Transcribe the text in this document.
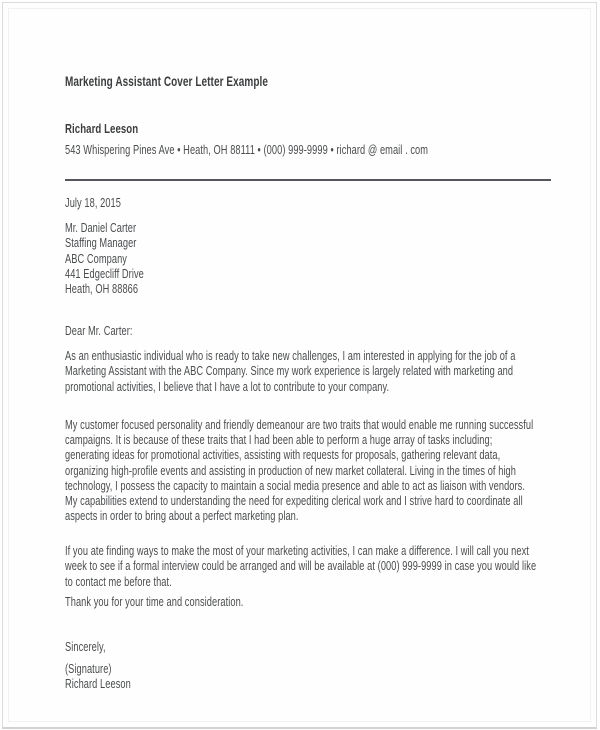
Marketing Assistant Cover Letter Example
Richard Leeson
543 Whispering Pines Ave • Heath, OH 88111 • (000) 999-9999 • richard @ email . com
July 18, 2015
Mr. Daniel Carter
Staffing Manager
ABC Company
441 Edgecliff Drive
Heath, OH 88866
Dear Mr. Carter:
As an enthusiastic individual who is ready to take new challenges, I am interested in applying for the job of a Marketing Assistant with the ABC Company. Since my work experience is largely related with marketing and promotional activities, I believe that I have a lot to contribute to your company.
My customer focused personality and friendly demeanour are two traits that would enable me running successful campaigns. It is because of these traits that I had been able to perform a huge array of tasks including; generating ideas for promotional activities, assisting with requests for proposals, gathering relevant data, organizing high-profile events and assisting in production of new market collateral. Living in the times of high technology, I possess the capacity to maintain a social media presence and able to act as liaison with vendors. My capabilities extend to understanding the need for expediting clerical work and I strive hard to coordinate all aspects in order to bring about a perfect marketing plan.
If you ate finding ways to make the most of your marketing activities, I can make a difference. I will call you next week to see if a formal interview could be arranged and will be available at (000) 999-9999 in case you would like to contact me before that.
Thank you for your time and consideration.
Sincerely,
(Signature)
Richard Leeson
